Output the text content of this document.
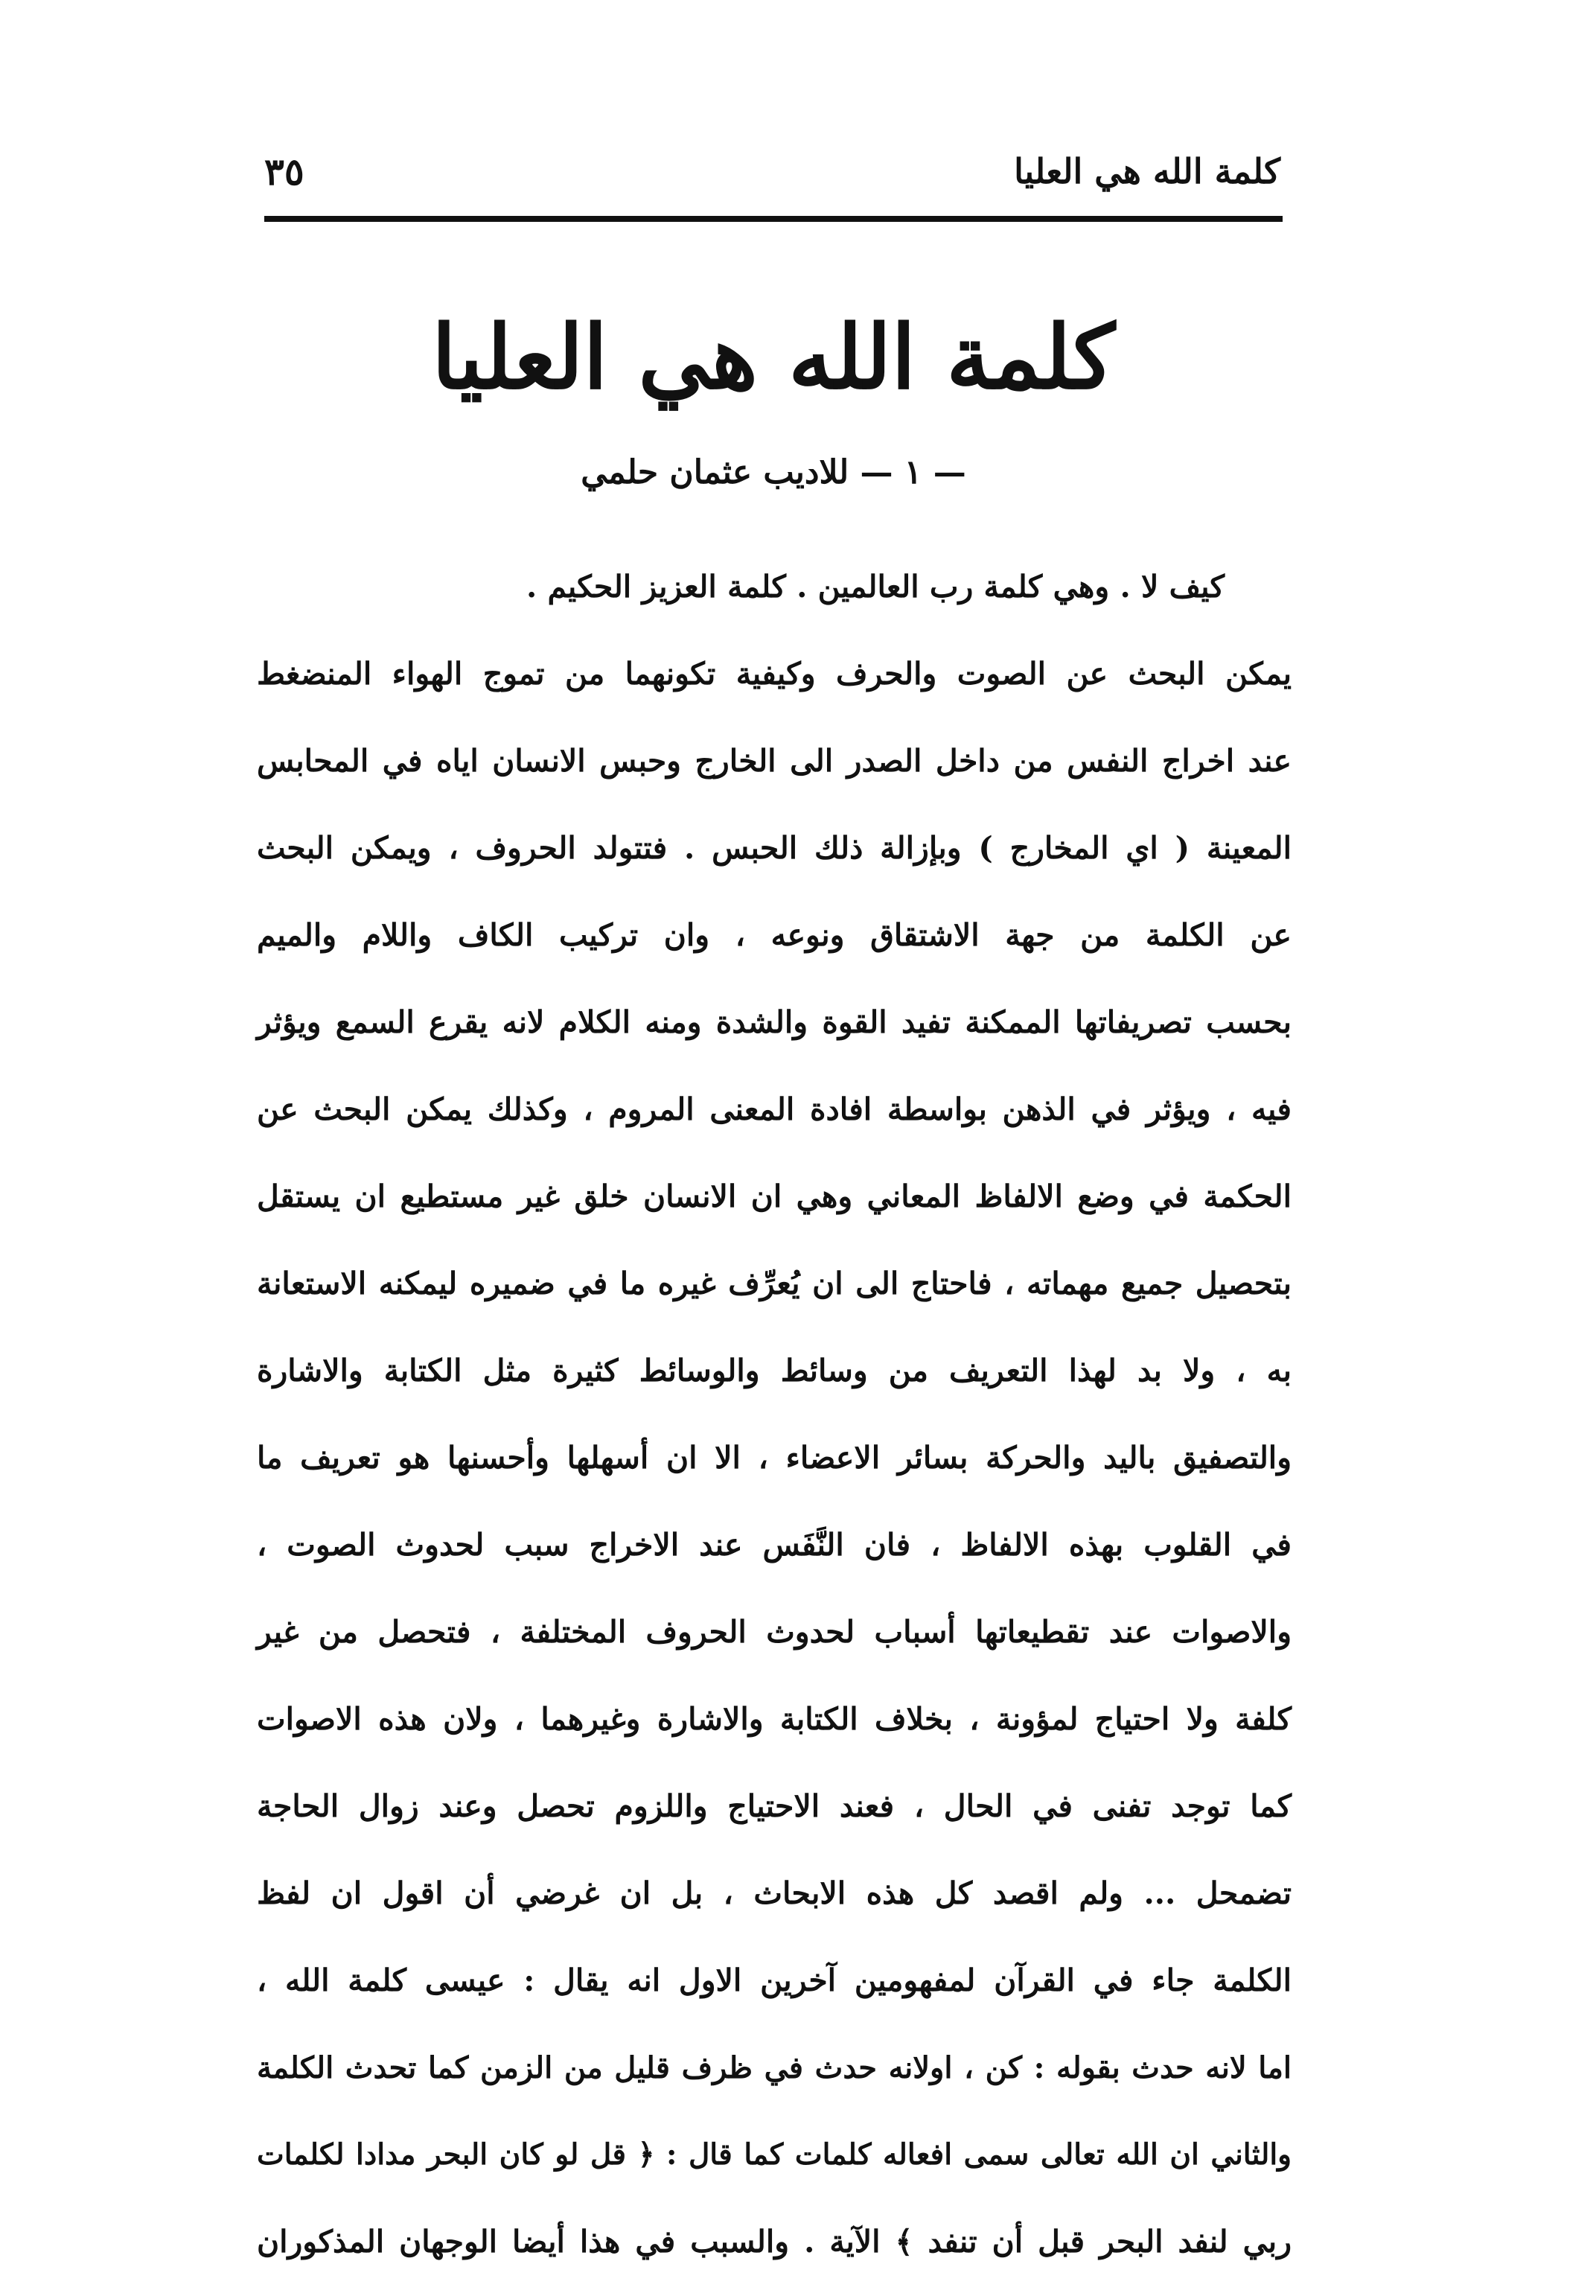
كلمة الله هي العليا
٣٥
كلمة الله هي العليا
— ١ — للاديب عثمان حلمي
كيف لا . وهي كلمة رب العالمين . كلمة العزيز الحكيم .
يمكن البحث عن الصوت والحرف وكيفية تكونهما من تموج الهواء المنضغط
عند اخراج النفس من داخل الصدر الى الخارج وحبس الانسان اياه في المحابس
المعينة ( اي المخارج ) وبإزالة ذلك الحبس . فتتولد الحروف ، ويمكن البحث
عن الكلمة من جهة الاشتقاق ونوعه ، وان تركيب الكاف واللام والميم
بحسب تصريفاتها الممكنة تفيد القوة والشدة ومنه الكلام لانه يقرع السمع ويؤثر
فيه ، ويؤثر في الذهن بواسطة افادة المعنى المروم ، وكذلك يمكن البحث عن
الحكمة في وضع الالفاظ المعاني وهي ان الانسان خلق غير مستطيع ان يستقل
بتحصيل جميع مهماته ، فاحتاج الى ان يُعرِّف غيره ما في ضميره ليمكنه الاستعانة
به ، ولا بد لهذا التعريف من وسائط والوسائط كثيرة مثل الكتابة والاشارة
والتصفيق باليد والحركة بسائر الاعضاء ، الا ان أسهلها وأحسنها هو تعريف ما
في القلوب بهذه الالفاظ ، فان النَّفَس عند الاخراج سبب لحدوث الصوت ،
والاصوات عند تقطيعاتها أسباب لحدوث الحروف المختلفة ، فتحصل من غير
كلفة ولا احتياج لمؤونة ، بخلاف الكتابة والاشارة وغيرهما ، ولان هذه الاصوات
كما توجد تفنى في الحال ، فعند الاحتياج واللزوم تحصل وعند زوال الحاجة
تضمحل ... ولم اقصد كل هذه الابحاث ، بل ان غرضي أن اقول ان لفظ
الكلمة جاء في القرآن لمفهومين آخرين الاول انه يقال : عيسى كلمة الله ،
اما لانه حدث بقوله : كن ، اولانه حدث في ظرف قليل من الزمن كما تحدث الكلمة
والثاني ان الله تعالى سمى افعاله كلمات كما قال : ﴿ قل لو كان البحر مدادا لكلمات
ربي لنفد البحر قبل أن تنفد ﴾ الآية . والسبب في هذا أيضا الوجهان المذكوران
